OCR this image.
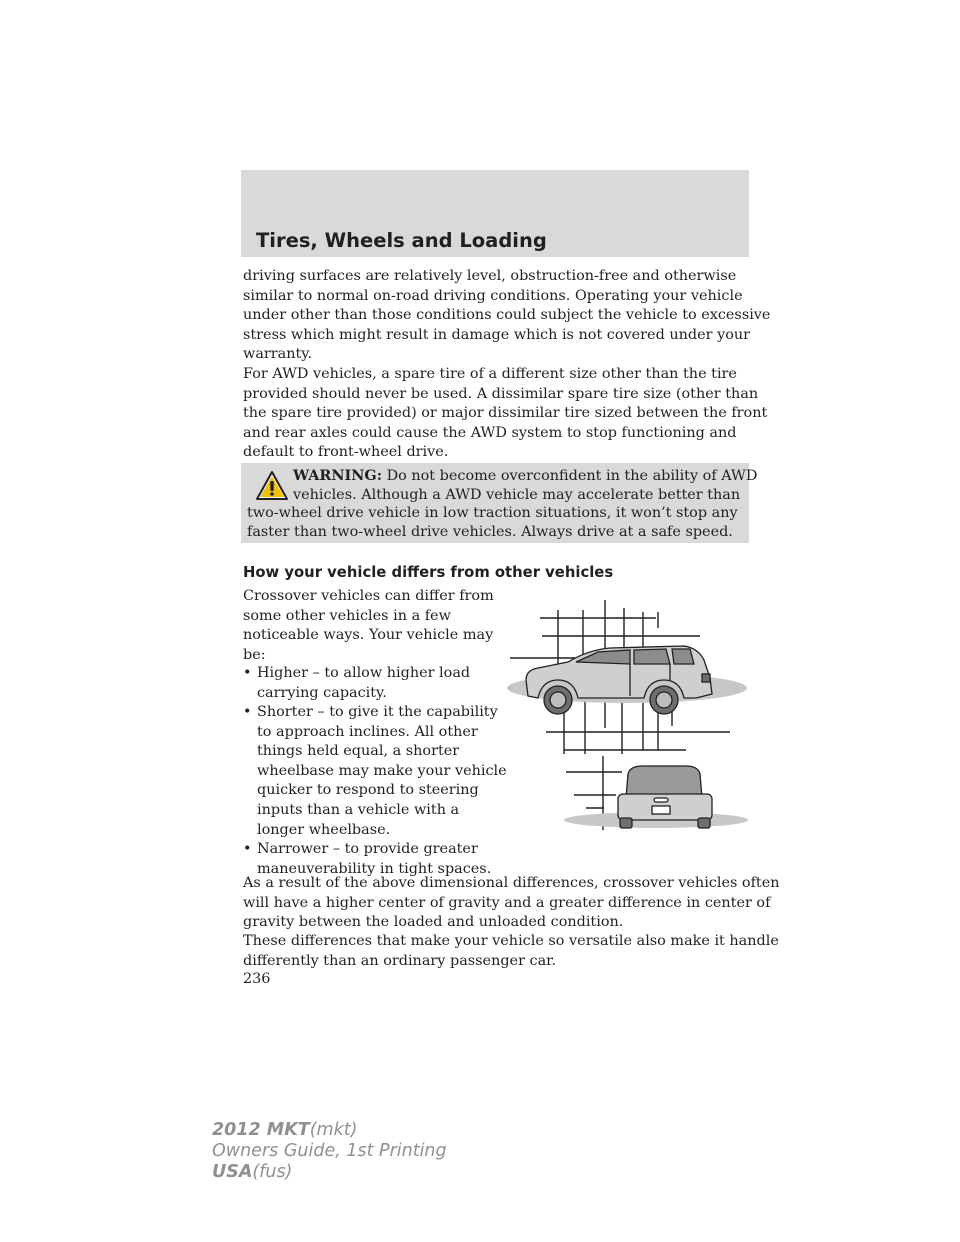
Tires, Wheels and Loading

driving surfaces are relatively level, obstruction-free and otherwise
similar to normal on-road driving conditions. Operating your vehicle
under other than those conditions could subject the vehicle to excessive
stress which might result in damage which is not covered under your
warranty.

For AWD vehicles, a spare tire of a different size other than the tire
provided should never be used. A dissimilar spare tire size (other than
the spare tire provided) or major dissimilar tire sized between the front
and rear axles could cause the AWD system to stop functioning and
default to front-wheel drive.

WARNING: Do not become overconfident in the ability of AWD
vehicles. Although a AWD vehicle may accelerate better than
two-wheel drive vehicle in low traction situations, it won’t stop any
faster than two-wheel drive vehicles. Always drive at a safe speed.

How your vehicle differs from other vehicles

Crossover vehicles can differ from
some other vehicles in a few
noticeable ways. Your vehicle may
be:

• Higher – to allow higher load
carrying capacity.
• Shorter – to give it the capability
to approach inclines. All other
things held equal, a shorter
wheelbase may make your vehicle
quicker to respond to steering
inputs than a vehicle with a
longer wheelbase.
• Narrower – to provide greater
maneuverability in tight spaces.

As a result of the above dimensional differences, crossover vehicles often
will have a higher center of gravity and a greater difference in center of
gravity between the loaded and unloaded condition.

These differences that make your vehicle so versatile also make it handle
differently than an ordinary passenger car.

236
2012 MKT(mkt)
Owners Guide, 1st Printing
USA(fus)
